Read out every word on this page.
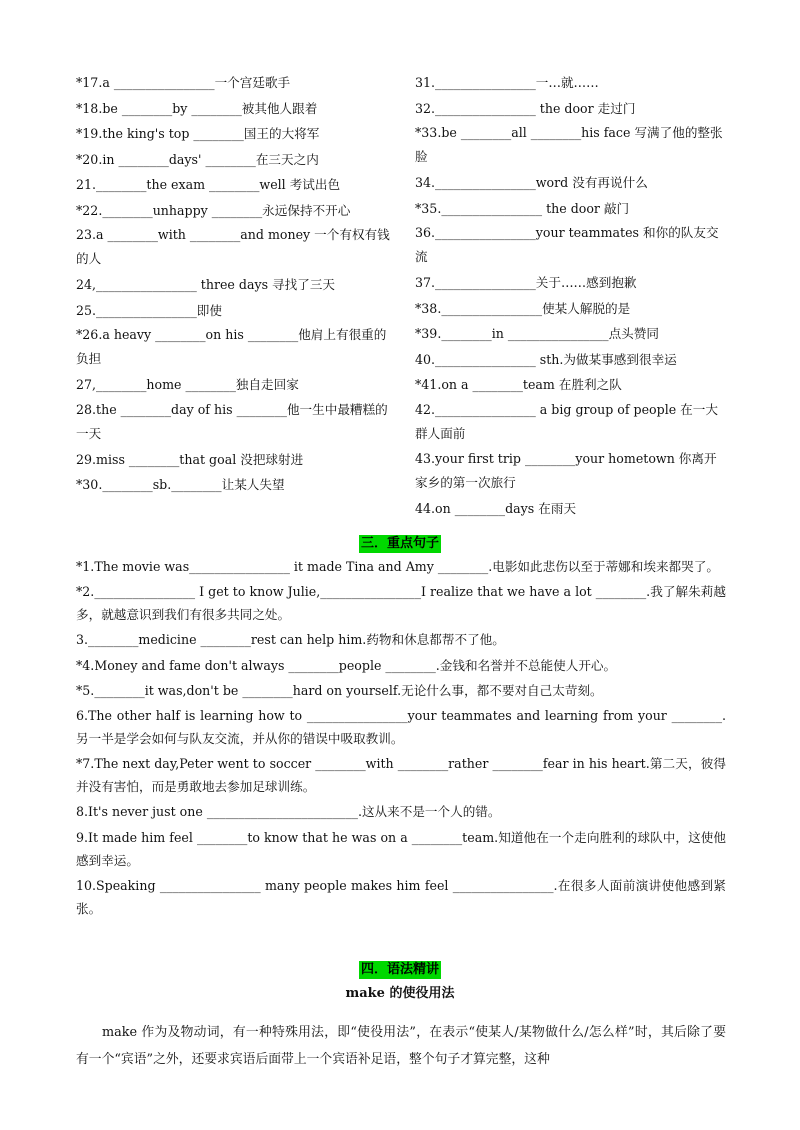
*17.a ________________一个宫廷歌手

*18.be ________by ________被其他人跟着

*19.the king's top ________国王的大将军

*20.in ________days' ________在三天之内

21.________the exam ________well 考试出色

*22.________unhappy ________永远保持不开心

23.a ________with ________and money 一个有权有钱的人

24,________________ three days 寻找了三天

25.________________即使

*26.a heavy ________on his ________他肩上有很重的负担

27,________home ________独自走回家

28.the ________day of his ________他一生中最糟糕的一天

29.miss ________that goal 没把球射进

*30.________sb.________让某人失望

31.________________一…就……

32.________________ the door 走过门

*33.be ________all ________his face 写满了他的整张脸

34.________________word 没有再说什么

*35.________________ the door 敲门

36.________________your teammates 和你的队友交流

37.________________关于……感到抱歉

*38.________________使某人解脱的是

*39.________in ________________点头赞同

40.________________ sth.为做某事感到很幸运

*41.on a ________team 在胜利之队

42.________________ a big group of people 在一大群人面前

43.your first trip ________your hometown 你离开家乡的第一次旅行

44.on ________days 在雨天

三．重点句子

*1.The movie was________________ it made Tina and Amy ________.电影如此悲伤以至于蒂娜和埃来都哭了。

*2.________________ I get to know Julie,________________I realize that we have a lot ________.我了解朱莉越多，就越意识到我们有很多共同之处。

3.________medicine ________rest can help him.药物和休息都帮不了他。

*4.Money and fame don't always ________people ________.金钱和名誉并不总能使人开心。

*5.________it was,don't be ________hard on yourself.无论什么事，都不要对自己太苛刻。

6.The other half is learning how to ________________your teammates and learning from your ________.另一半是学会如何与队友交流，并从你的错误中吸取教训。

*7.The next day,Peter went to soccer ________with ________rather ________fear in his heart.第二天，彼得并没有害怕，而是勇敢地去参加足球训练。

8.It's never just one ________________________.这从来不是一个人的错。

9.It made him feel ________to know that he was on a ________team.知道他在一个走向胜利的球队中，这使他感到幸运。

10.Speaking ________________ many people makes him feel ________________.在很多人面前演讲使他感到紧张。

四．语法精讲
make 的使役用法

make 作为及物动词，有一种特殊用法，即“使役用法”，在表示“使某人/某物做什么/怎么样”时，其后除了要有一个“宾语”之外，还要求宾语后面带上一个宾语补足语，整个句子才算完整，这种
